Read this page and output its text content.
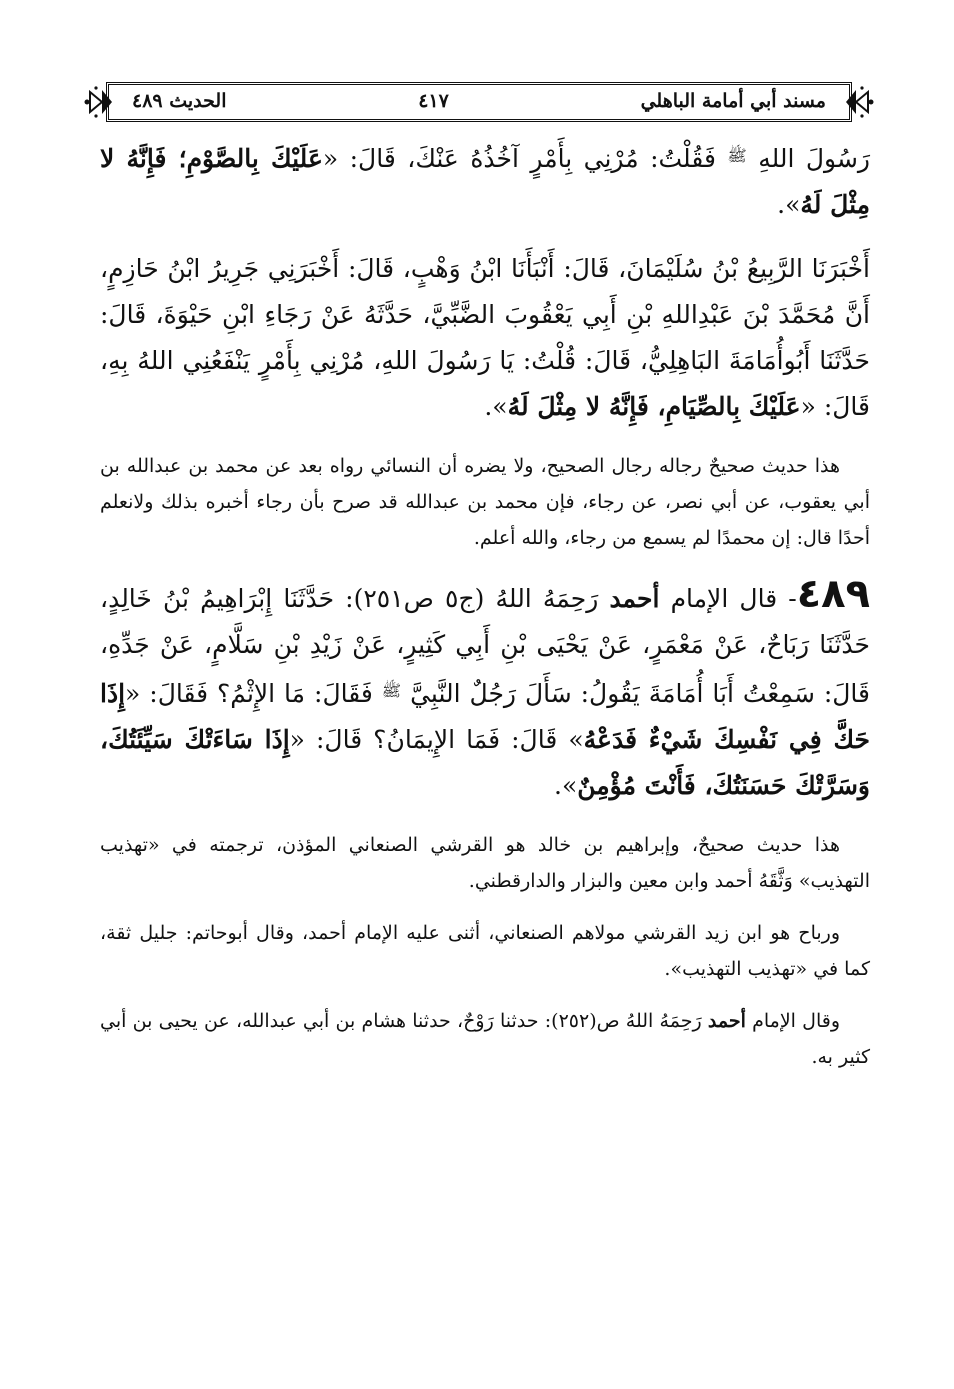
مسند أبي أمامة الباهلي
٤١٧
الحديث ٤٨٩

رَسُولَ اللهِ $^ﷺ$ فَقُلْتُ: مُرْنِي بِأَمْرٍ آخُذُهُ عَنْكَ، قَالَ: «عَلَيْكَ بِالصَّوْمِ؛ فَإِنَّهُ لا مِثْلَ لَهُ».

أَخْبَرَنَا الرَّبِيعُ بْنُ سُلَيْمَانَ، قَالَ: أَنْبَأَنَا ابْنُ وَهْبٍ، قَالَ: أَخْبَرَنِي جَرِيرُ ابْنُ حَازِمٍ، أَنَّ مُحَمَّدَ بْنَ عَبْدِاللهِ بْنِ أَبِي يَعْقُوبَ الضَّبِّيَّ، حَدَّثَهُ عَنْ رَجَاءِ ابْنِ حَيْوَةَ، قَالَ: حَدَّثَنَا أَبُوأُمَامَةَ البَاهِلِيُّ، قَالَ: قُلْتُ: يَا رَسُولَ اللهِ، مُرْنِي بِأَمْرٍ يَنْفَعُنِي اللهُ بِهِ، قَالَ: «عَلَيْكَ بِالصِّيَامِ، فَإِنَّهُ لا مِثْلَ لَهُ».

هذا حديث صحيحٌ رجاله رجال الصحيح، ولا يضره أن النسائي رواه بعد عن محمد بن عبدالله بن أبي يعقوب، عن أبي نصر، عن رجاء، فإن محمد بن عبدالله قد صرح بأن رجاء أخبره بذلك ولانعلم أحدًا قال: إن محمدًا لم يسمع من رجاء، والله أعلم.

٤٨٩- قال الإمام أحمد رَحِمَهُ اللهُ (ج٥ ص٢٥١): حَدَّثَنَا إِبْرَاهِيمُ بْنُ خَالِدٍ، حَدَّثَنَا رَبَاحٌ، عَنْ مَعْمَرٍ، عَنْ يَحْيَى بْنِ أَبِي كَثِيرٍ، عَنْ زَيْدِ بْنِ سَلَّامٍ، عَنْ جَدِّهِ، قَالَ: سَمِعْتُ أَبَا أُمَامَةَ يَقُولُ: سَأَلَ رَجُلٌ النَّبِيَّ $^ﷺ$ فَقَالَ: مَا الإِثْمُ؟ فَقَالَ: «إِذَا حَكَّ فِي نَفْسِكَ شَيْءٌ فَدَعْهُ» قَالَ: فَمَا الإِيمَانُ؟ قَالَ: «إِذَا سَاءَتْكَ سَيِّئَتُكَ، وَسَرَّتْكَ حَسَنَتُكَ، فَأَنْتَ مُؤْمِنٌ».

هذا حديث صحيحٌ، وإبراهيم بن خالد هو القرشي الصنعاني المؤذن، ترجمته في «تهذيب التهذيب» وَثَّقَهُ أحمد وابن معين والبزار والدارقطني.

ورباح هو ابن زيد القرشي مولاهم الصنعاني، أثنى عليه الإمام أحمد، وقال أبوحاتم: جليل ثقة، كما في «تهذيب التهذيب».

وقال الإمام أحمد رَحِمَهُ اللهُ ص(٢٥٢): حدثنا رَوْحٌ، حدثنا هشام بن أبي عبدالله، عن يحيى بن أبي كثير به.
